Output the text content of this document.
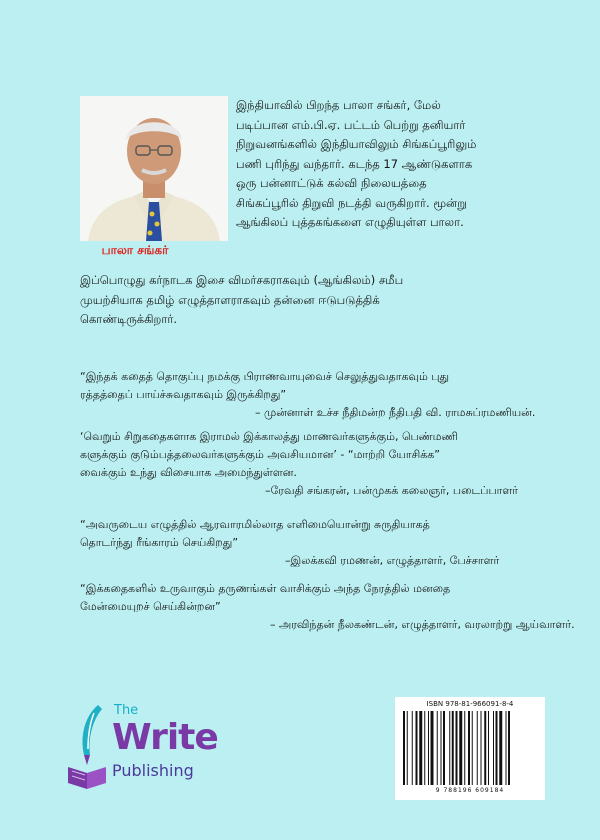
பாலா சங்கர்
இந்தியாவில் பிறந்த பாலா சங்கர், மேல்
படிப்பான எம்.பி.ஏ. பட்டம் பெற்று தனியார்
நிறுவனங்களில் இந்தியாவிலும் சிங்கப்பூரிலும்
பணி புரிந்து வந்தார். கடந்த 17 ஆண்டுகளாக
ஒரு பன்னாட்டுக் கல்வி நிலையத்தை
சிங்கப்பூரில் திறுவி நடத்தி வருகிறார். மூன்று
ஆங்கிலப் புத்தகங்களை எழுதியுள்ள பாலா.
இப்பொழுது கர்நாடக இசை விமர்சகராகவும் (ஆங்கிலம்) சமீப
முயற்சியாக தமிழ் எழுத்தாளராகவும் தன்னை ஈடுபடுத்திக்
கொண்டிருக்கிறார்.

“இந்தக் கதைத் தொகுப்பு நமக்கு பிராணவாயுவைச் செலுத்துவதாகவும் புது

ரத்தத்தைப் பாய்ச்சுவதாகவும் இருக்கிறது”

– முன்னாள் உச்ச நீதிமன்ற நீதிபதி வி. ராமசுப்ரமணியன்.

‘வெறும் சிறுகதைகளாக இராமல் இக்காலத்து மாணவர்களுக்கும், பெண்மணி

களுக்கும் குடும்பத்தலைவர்களுக்கும் அவசியமான’ - “மாற்றி யோசிக்க”

வைக்கும் உந்து விசையாக அமைந்துள்ளன.

–ரேவதி சங்கரன், பன்முகக் கலைஞர், படைப்பாளர்

“அவருடைய எழுத்தில் ஆரவாரமில்லாத எளிமையொன்று சுருதியாகத்

தொடர்ந்து ரீங்காரம் செய்கிறது”

–இலக்கவி ரமணன், எழுத்தாளர், பேச்சாளர்

“இக்கதைகளில் உருவாகும் தருணங்கள் வாசிக்கும் அந்த நேரத்தில் மனதை

மேன்மையுறச் செய்கின்றன”

– அரவிந்தன் நீலகண்டன், எழுத்தாளர், வரலாற்று ஆய்வாளர்.
The
Write
Publishing
ISBN 978-81-966091-8-4
9 788196 609184
